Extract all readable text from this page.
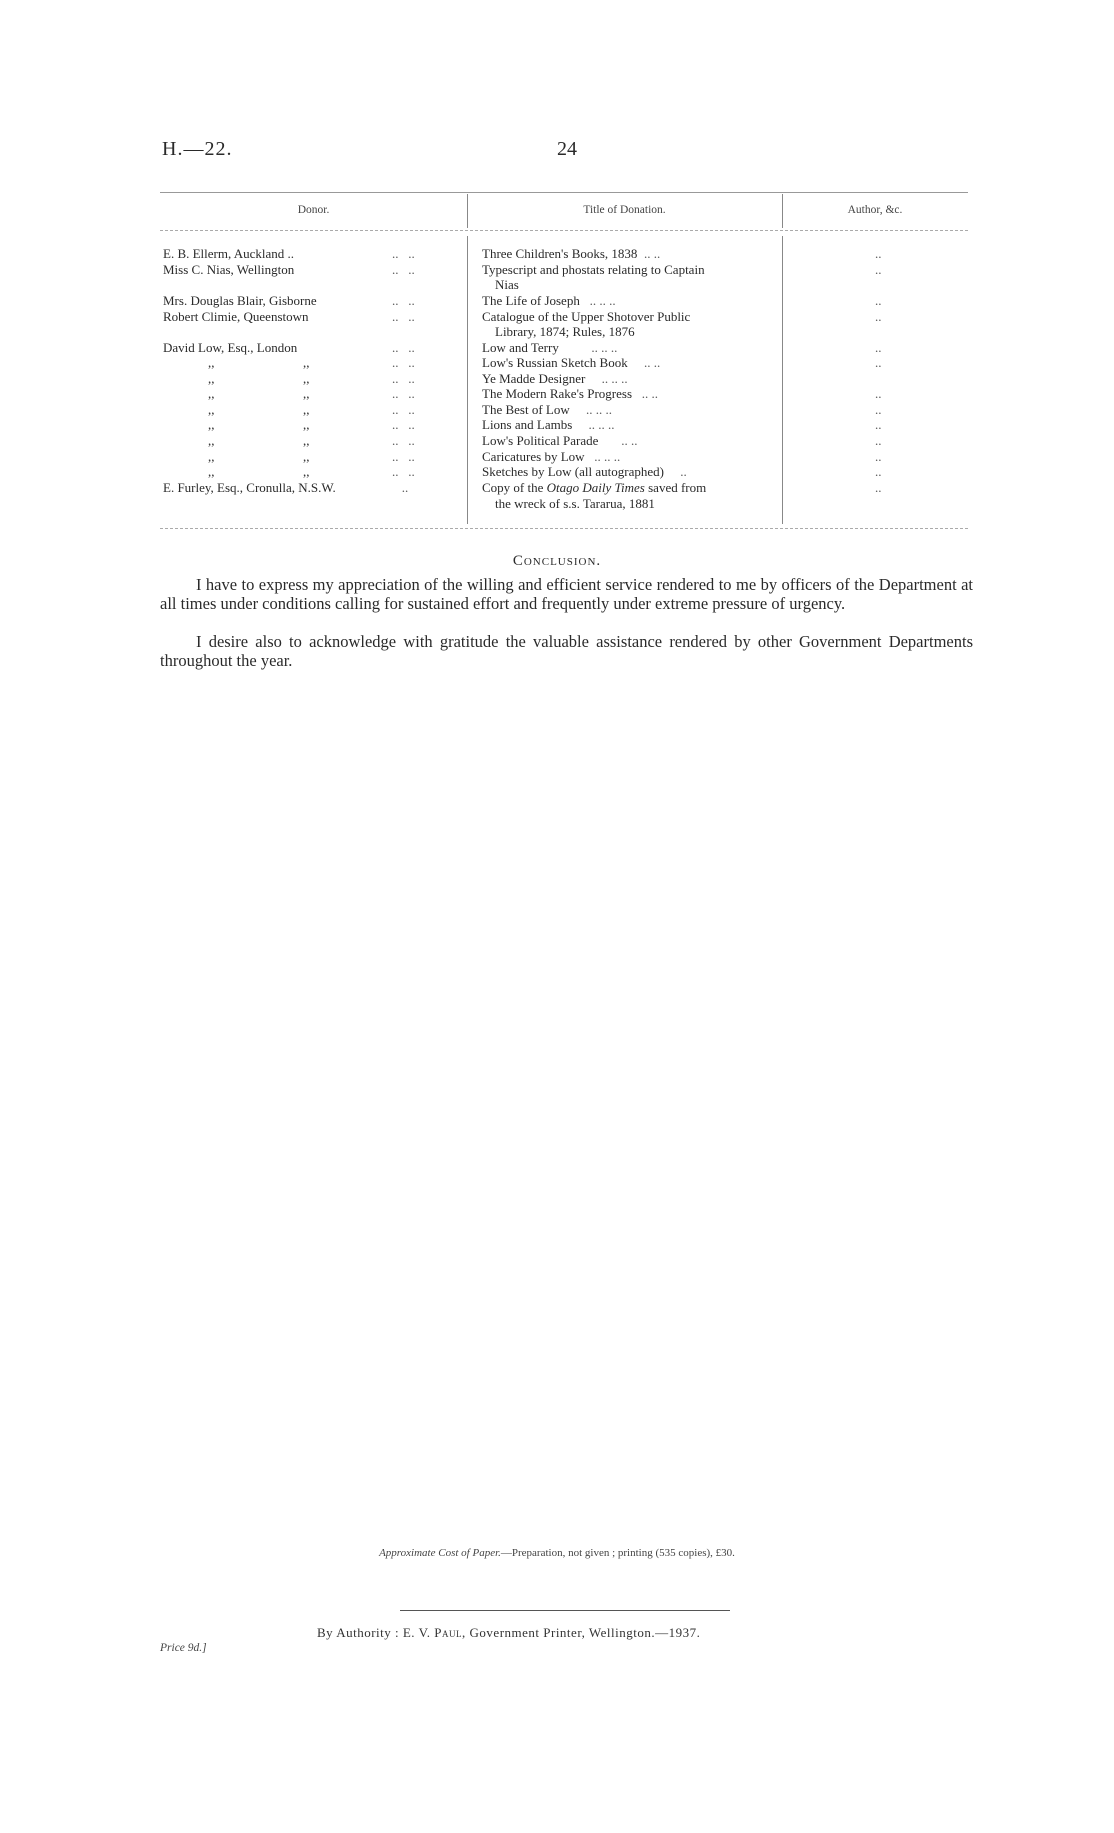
H.—22.	24
Donor.	Title of Donation.	Author, &c.
E. B. Ellerm, Auckland ..	..   ..	Three Children's Books, 1838 .. ..	..
Miss C. Nias, Wellington	..   ..	Typescript and phostats relating to Captain	..
Nias
Mrs. Douglas Blair, Gisborne	..   ..	The Life of Joseph .. .. ..	..
Robert Climie, Queenstown	..   ..	Catalogue of the Upper Shotover Public	..
Library, 1874; Rules, 1876
David Low, Esq., London	..   ..	Low and Terry	.. .. ..	..
,,	,,	..   ..	Low's Russian Sketch Book .. ..	..
,,	,,	..   ..	Ye Madde Designer .. .. ..
,,	,,	..   ..	The Modern Rake's Progress .. ..	..
,,	,,	..   ..	The Best of Low .. .. ..	..
,,	,,	..   ..	Lions and Lambs .. .. ..	..
,,	,,	..   ..	Low's Political Parade .. ..	..
,,	,,	..   ..	Caricatures by Low .. .. ..	..
,,	,,	..   ..	Sketches by Low (all autographed) ..	..
E. Furley, Esq., Cronulla, N.S.W.	..	Copy of the Otago Daily Times saved from	..
the wreck of s.s. Tararua, 1881
Conclusion.

I have to express my appreciation of the willing and efficient service rendered to me by officers of the Department at all times under conditions calling for sustained effort and frequently under extreme pressure of urgency.

I desire also to acknowledge with gratitude the valuable assistance rendered by other Government Departments throughout the year.

Approximate Cost of Paper.—Preparation, not given ; printing (535 copies), £30.
By Authority : E. V. Paul, Government Printer, Wellington.—1937.
Price 9d.]
